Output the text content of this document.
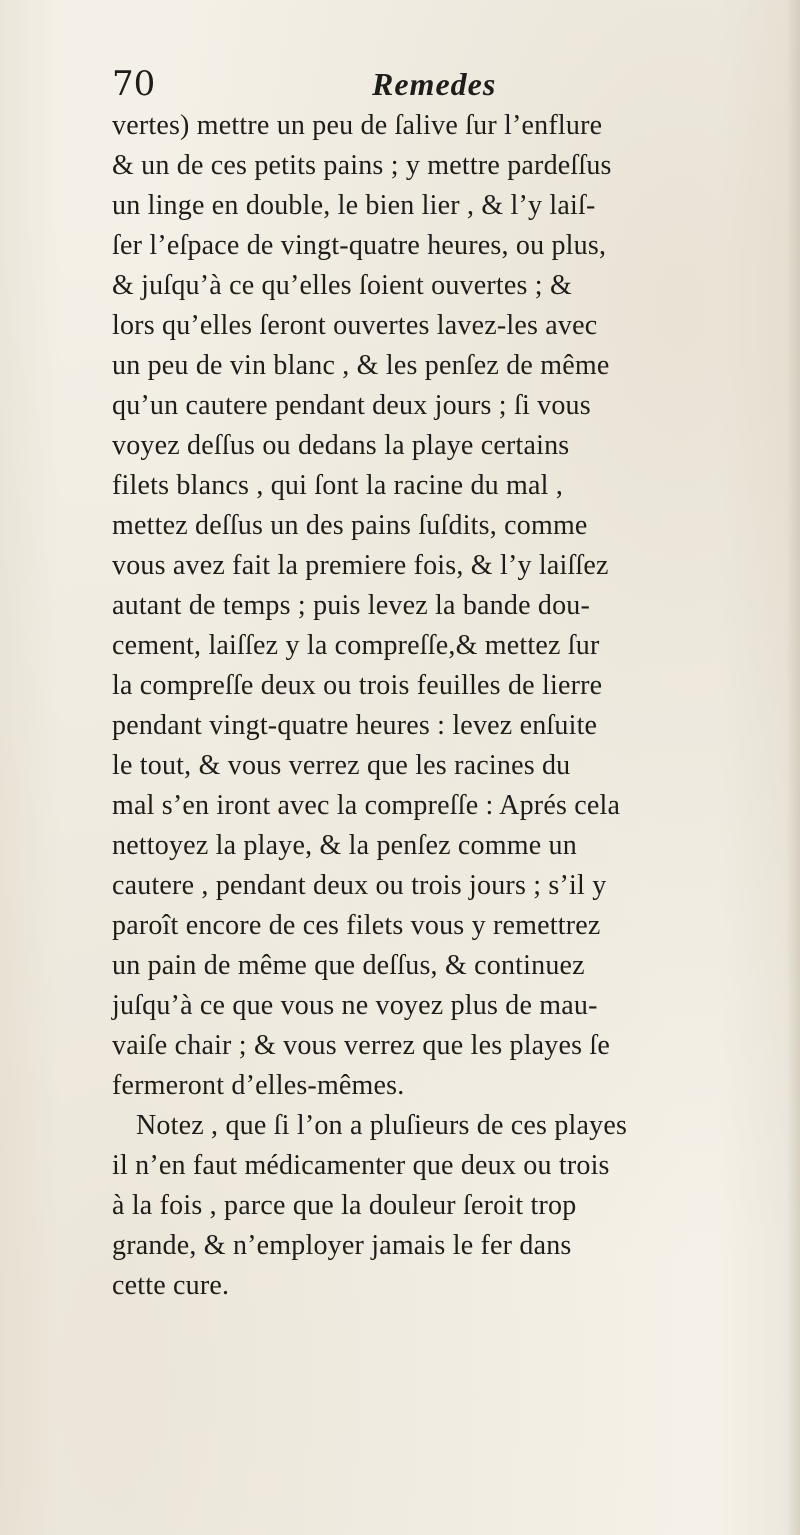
70	Remedes
vertes) mettre un peu de ſalive ſur l’enflure
& un de ces petits pains ; y mettre pardeſſus
un linge en double, le bien lier , & l’y laiſ-
ſer l’eſpace de vingt-quatre heures, ou plus,
& juſqu’à ce qu’elles ſoient ouvertes ; &
lors qu’elles ſeront ouvertes lavez-les avec
un peu de vin blanc , & les penſez de même
qu’un cautere pendant deux jours ; ſi vous
voyez deſſus ou dedans la playe certains
filets blancs , qui ſont la racine du mal ,
mettez deſſus un des pains ſuſdits, comme
vous avez fait la premiere fois, & l’y laiſſez
autant de temps ; puis levez la bande dou-
cement, laiſſez y la compreſſe,& mettez ſur
la compreſſe deux ou trois feuilles de lierre
pendant vingt-quatre heures : levez enſuite
le tout, & vous verrez que les racines du
mal s’en iront avec la compreſſe : Aprés cela
nettoyez la playe, & la penſez comme un
cautere , pendant deux ou trois jours ; s’il y
paroît encore de ces filets vous y remettrez
un pain de même que deſſus, & continuez
juſqu’à ce que vous ne voyez plus de mau-
vaiſe chair ; & vous verrez que les playes ſe
fermeront d’elles-mêmes.
Notez , que ſi l’on a pluſieurs de ces playes
il n’en faut médicamenter que deux ou trois
à la fois , parce que la douleur ſeroit trop
grande, & n’employer jamais le fer dans
cette cure.
